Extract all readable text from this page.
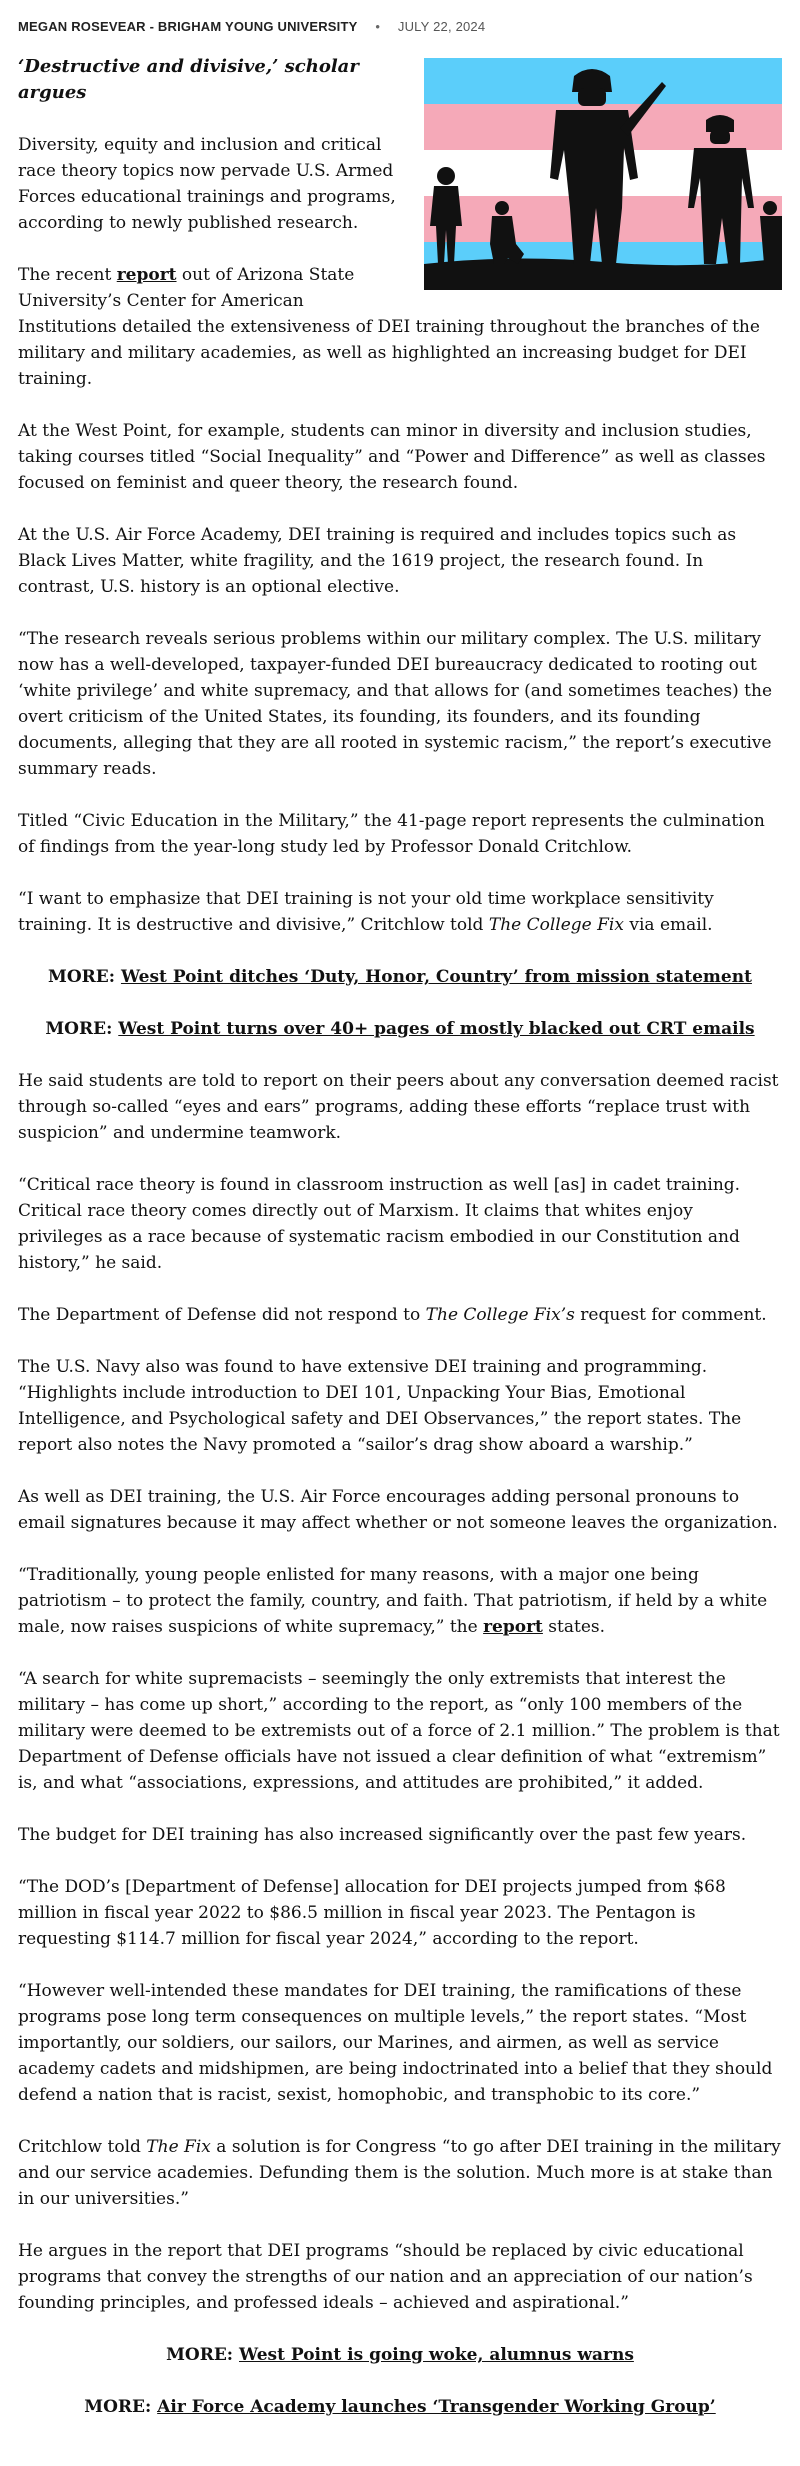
MEGAN ROSEVEAR - BRIGHAM YOUNG UNIVERSITY • JULY 22, 2024

‘Destructive and divisive,’ scholar argues

Diversity, equity and inclusion and critical race theory topics now pervade U.S. Armed Forces educational trainings and programs, according to newly published research.

The recent report out of Arizona State University’s Center for American Institutions detailed the extensiveness of DEI training throughout the branches of the military and military academies, as well as highlighted an increasing budget for DEI training.

At the West Point, for example, students can minor in diversity and inclusion studies, taking courses titled “Social Inequality” and “Power and Difference” as well as classes focused on feminist and queer theory, the research found.

At the U.S. Air Force Academy, DEI training is required and includes topics such as Black Lives Matter, white fragility, and the 1619 project, the research found. In contrast, U.S. history is an optional elective.

“The research reveals serious problems within our military complex. The U.S. military now has a well-developed, taxpayer-funded DEI bureaucracy dedicated to rooting out ‘white privilege’ and white supremacy, and that allows for (and sometimes teaches) the overt criticism of the United States, its founding, its founders, and its founding documents, alleging that they are all rooted in systemic racism,” the report’s executive summary reads.

Titled “Civic Education in the Military,” the 41-page report represents the culmination of findings from the year-long study led by Professor Donald Critchlow.

“I want to emphasize that DEI training is not your old time workplace sensitivity training. It is destructive and divisive,” Critchlow told The College Fix via email.

MORE: West Point ditches ‘Duty, Honor, Country’ from mission statement

MORE: West Point turns over 40+ pages of mostly blacked out CRT emails

He said students are told to report on their peers about any conversation deemed racist through so-called “eyes and ears” programs, adding these efforts “replace trust with suspicion” and undermine teamwork.

“Critical race theory is found in classroom instruction as well [as] in cadet training. Critical race theory comes directly out of Marxism. It claims that whites enjoy privileges as a race because of systematic racism embodied in our Constitution and history,” he said.

The Department of Defense did not respond to The College Fix’s request for comment.

The U.S. Navy also was found to have extensive DEI training and programming. “Highlights include introduction to DEI 101, Unpacking Your Bias, Emotional Intelligence, and Psychological safety and DEI Observances,” the report states. The report also notes the Navy promoted a “sailor’s drag show aboard a warship.”

As well as DEI training, the U.S. Air Force encourages adding personal pronouns to email signatures because it may affect whether or not someone leaves the organization.

“Traditionally, young people enlisted for many reasons, with a major one being patriotism – to protect the family, country, and faith. That patriotism, if held by a white male, now raises suspicions of white supremacy,” the report states.

“A search for white supremacists – seemingly the only extremists that interest the military – has come up short,” according to the report, as “only 100 members of the military were deemed to be extremists out of a force of 2.1 million.” The problem is that Department of Defense officials have not issued a clear definition of what “extremism” is, and what “associations, expressions, and attitudes are prohibited,” it added.

The budget for DEI training has also increased significantly over the past few years.

“The DOD’s [Department of Defense] allocation for DEI projects jumped from $68 million in fiscal year 2022 to $86.5 million in fiscal year 2023. The Pentagon is requesting $114.7 million for fiscal year 2024,” according to the report.

“However well-intended these mandates for DEI training, the ramifications of these programs pose long term consequences on multiple levels,” the report states. “Most importantly, our soldiers, our sailors, our Marines, and airmen, as well as service academy cadets and midshipmen, are being indoctrinated into a belief that they should defend a nation that is racist, sexist, homophobic, and transphobic to its core.”

Critchlow told The Fix a solution is for Congress “to go after DEI training in the military and our service academies. Defunding them is the solution. Much more is at stake than in our universities.”

He argues in the report that DEI programs “should be replaced by civic educational programs that convey the strengths of our nation and an appreciation of our nation’s founding principles, and professed ideals – achieved and aspirational.”

MORE: West Point is going woke, alumnus warns

MORE: Air Force Academy launches ‘Transgender Working Group’
